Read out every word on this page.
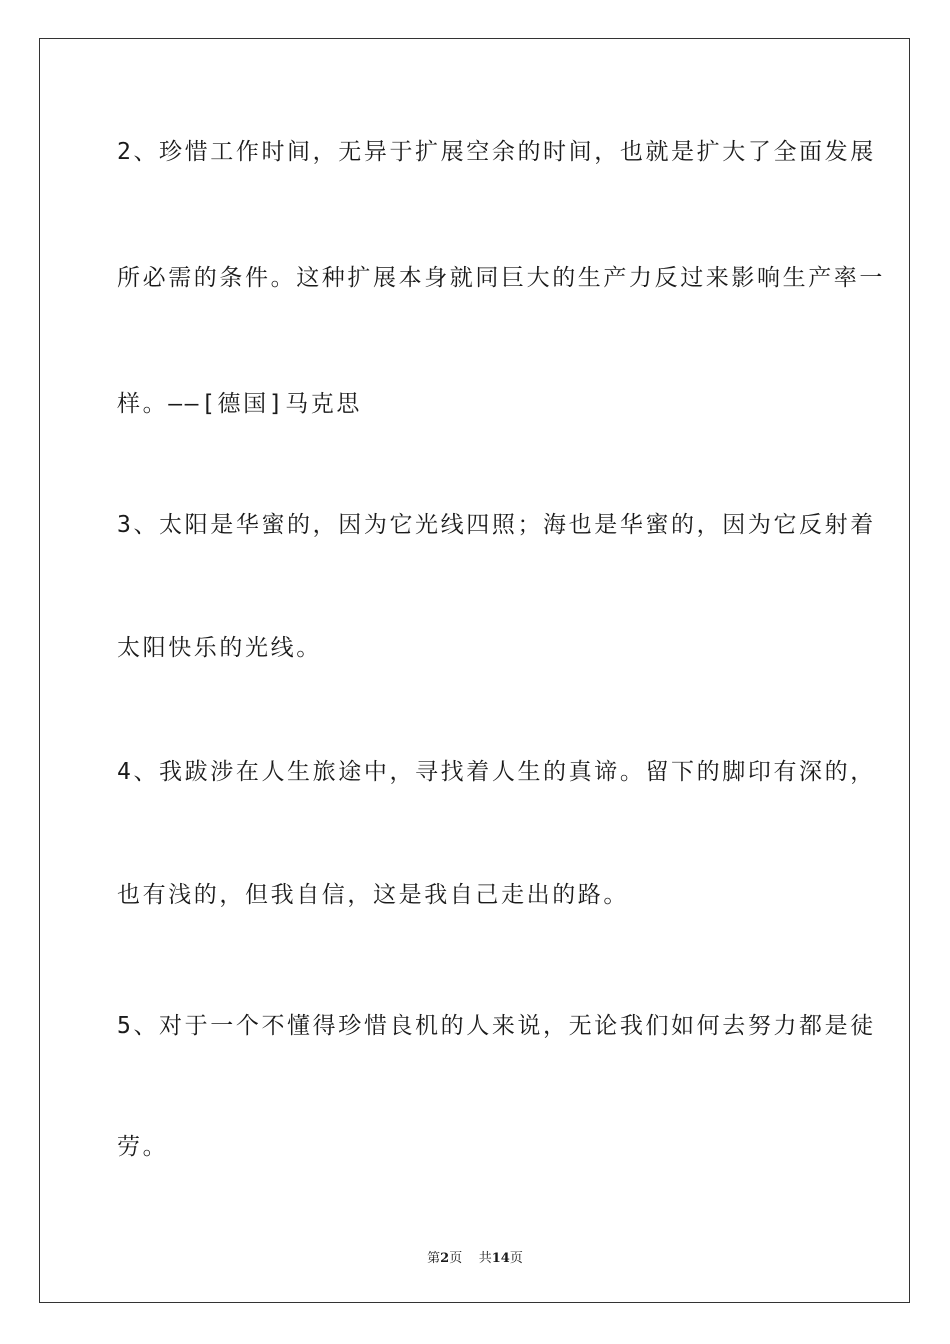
2、珍惜工作时间，无异于扩展空余的时间，也就是扩大了全面发展
所必需的条件。这种扩展本身就同巨大的生产力反过来影响生产率一
样。——[德国]马克思
3、太阳是华蜜的，因为它光线四照；海也是华蜜的，因为它反射着
太阳快乐的光线。
4、我跋涉在人生旅途中，寻找着人生的真谛。留下的脚印有深的，
也有浅的，但我自信，这是我自己走出的路。
5、对于一个不懂得珍惜良机的人来说，无论我们如何去努力都是徒
劳。
第2页 共14页
